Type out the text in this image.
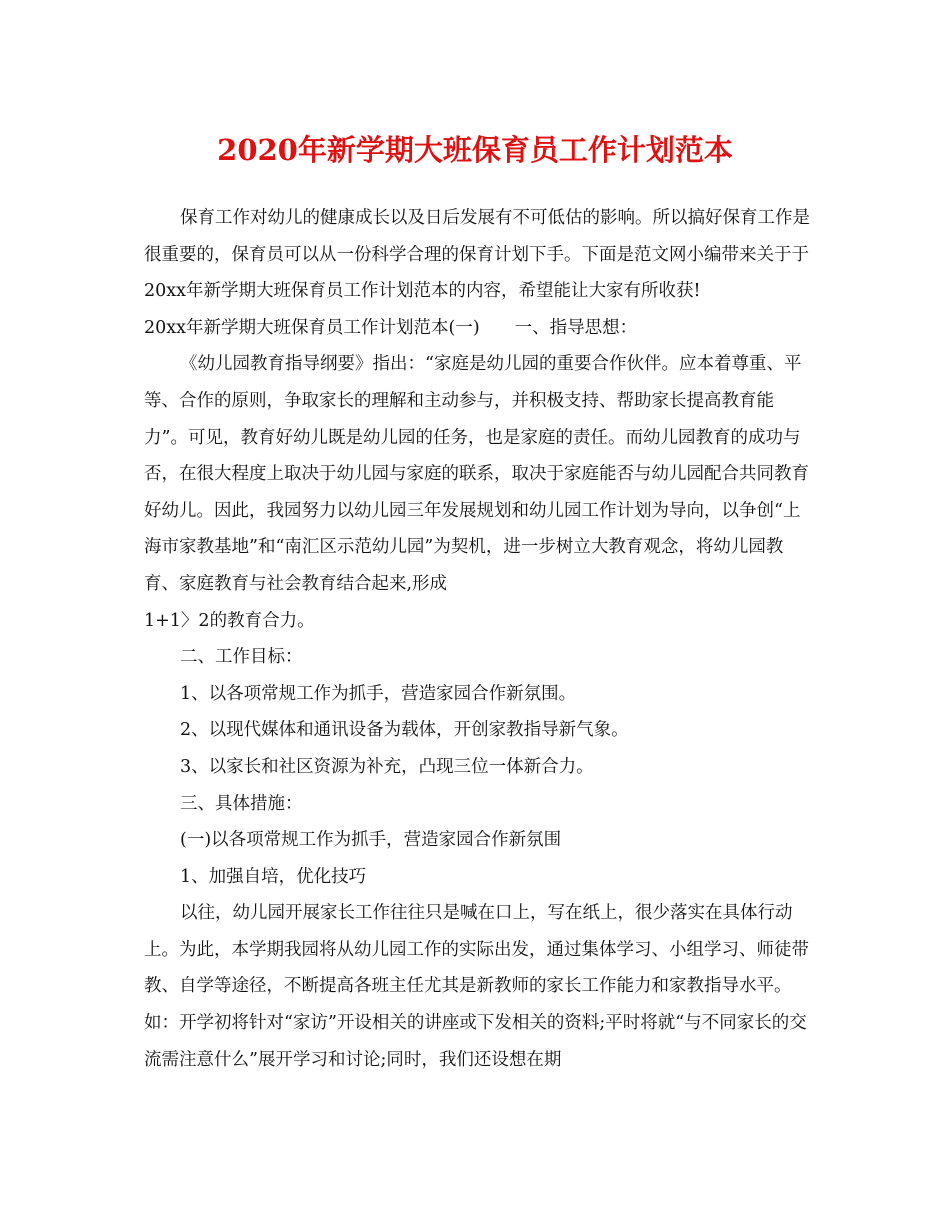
2020年新学期大班保育员工作计划范本

保育工作对幼儿的健康成长以及日后发展有不可低估的影响。所以搞好保育工作是很重要的，保育员可以从一份科学合理的保育计划下手。下面是范文网小编带来关于于20xx年新学期大班保育员工作计划范本的内容，希望能让大家有所收获!

20xx年新学期大班保育员工作计划范本(一)　　一、指导思想：

《幼儿园教育指导纲要》指出：“家庭是幼儿园的重要合作伙伴。应本着尊重、平等、合作的原则，争取家长的理解和主动参与，并积极支持、帮助家长提高教育能力”。可见，教育好幼儿既是幼儿园的任务，也是家庭的责任。而幼儿园教育的成功与否，在很大程度上取决于幼儿园与家庭的联系，取决于家庭能否与幼儿园配合共同教育好幼儿。因此，我园努力以幼儿园三年发展规划和幼儿园工作计划为导向，以争创“上海市家教基地”和“南汇区示范幼儿园”为契机，进一步树立大教育观念，将幼儿园教育、家庭教育与社会教育结合起来,形成

1+1〉2的教育合力。

二、工作目标：

1、以各项常规工作为抓手，营造家园合作新氛围。

2、以现代媒体和通讯设备为载体，开创家教指导新气象。

3、以家长和社区资源为补充，凸现三位一体新合力。

三、具体措施：

(一)以各项常规工作为抓手，营造家园合作新氛围

1、加强自培，优化技巧

以往，幼儿园开展家长工作往往只是喊在口上，写在纸上，很少落实在具体行动上。为此，本学期我园将从幼儿园工作的实际出发，通过集体学习、小组学习、师徒带教、自学等途径，不断提高各班主任尤其是新教师的家长工作能力和家教指导水平。如：开学初将针对“家访”开设相关的讲座或下发相关的资料;平时将就“与不同家长的交流需注意什么”展开学习和讨论;同时，我们还设想在期
